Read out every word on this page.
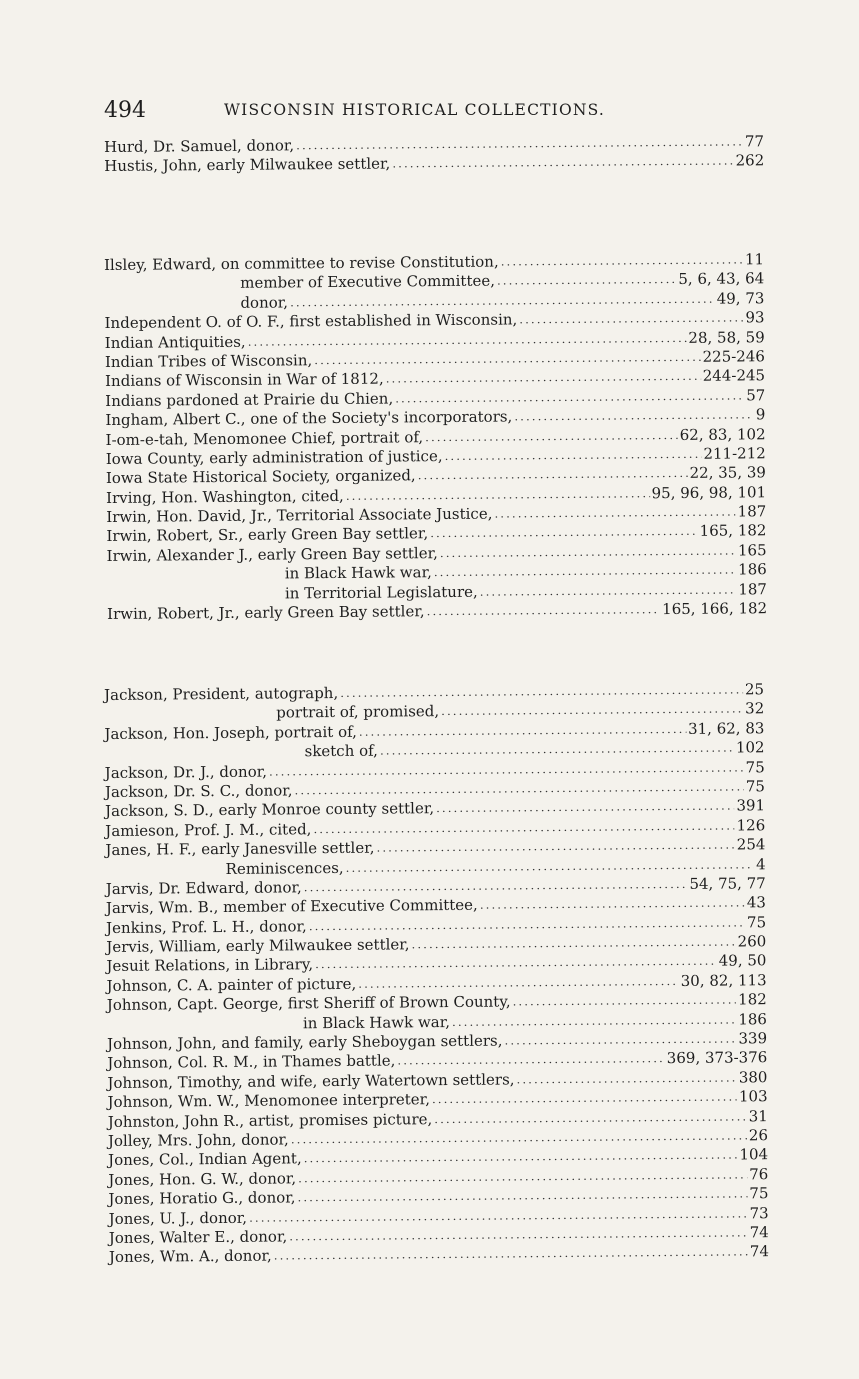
494	WISCONSIN HISTORICAL COLLECTIONS.
Hurd, Dr. Samuel, donor, .....	77
Hustis, John, early Milwaukee settler, .....	262
Ilsley, Edward, on committee to revise Constitution, .....	11
member of Executive Committee, .....	5, 6, 43, 64
donor, .....	49, 73
Independent O. of O. F., first established in Wisconsin, .....	93
Indian Antiquities, .....	28, 58, 59
Indian Tribes of Wisconsin, .....	225-246
Indians of Wisconsin in War of 1812, .....	244-245
Indians pardoned at Prairie du Chien, .....	57
Ingham, Albert C., one of the Society's incorporators, .....	9
I-om-e-tah, Menomonee Chief, portrait of, .....	62, 83, 102
Iowa County, early administration of justice, .....	211-212
Iowa State Historical Society, organized, .....	22, 35, 39
Irving, Hon. Washington, cited, .....	95, 96, 98, 101
Irwin, Hon. David, Jr., Territorial Associate Justice, .....	187
Irwin, Robert, Sr., early Green Bay settler, .....	165, 182
Irwin, Alexander J., early Green Bay settler, .....	165
in Black Hawk war, .....	186
in Territorial Legislature, .....	187
Irwin, Robert, Jr., early Green Bay settler, .....	165, 166, 182
Jackson, President, autograph, .....	25
portrait of, promised, .....	32
Jackson, Hon. Joseph, portrait of, .....	31, 62, 83
sketch of, .....	102
Jackson, Dr. J., donor, .....	75
Jackson, Dr. S. C., donor, .....	75
Jackson, S. D., early Monroe county settler, .....	391
Jamieson, Prof. J. M., cited, .....	126
Janes, H. F., early Janesville settler, .....	254
Reminiscences, .....	4
Jarvis, Dr. Edward, donor, .....	54, 75, 77
Jarvis, Wm. B., member of Executive Committee, .....	43
Jenkins, Prof. L. H., donor, .....	75
Jervis, William, early Milwaukee settler, .....	260
Jesuit Relations, in Library, .....	49, 50
Johnson, C. A. painter of picture, .....	30, 82, 113
Johnson, Capt. George, first Sheriff of Brown County, .....	182
in Black Hawk war, .....	186
Johnson, John, and family, early Sheboygan settlers, .....	339
Johnson, Col. R. M., in Thames battle, .....	369, 373-376
Johnson, Timothy, and wife, early Watertown settlers, .....	380
Johnson, Wm. W., Menomonee interpreter, .....	103
Johnston, John R., artist, promises picture, .....	31
Jolley, Mrs. John, donor, .....	26
Jones, Col., Indian Agent, .....	104
Jones, Hon. G. W., donor, .....	76
Jones, Horatio G., donor, .....	75
Jones, U. J., donor, .....	73
Jones, Walter E., donor, .....	74
Jones, Wm. A., donor, .....	74
